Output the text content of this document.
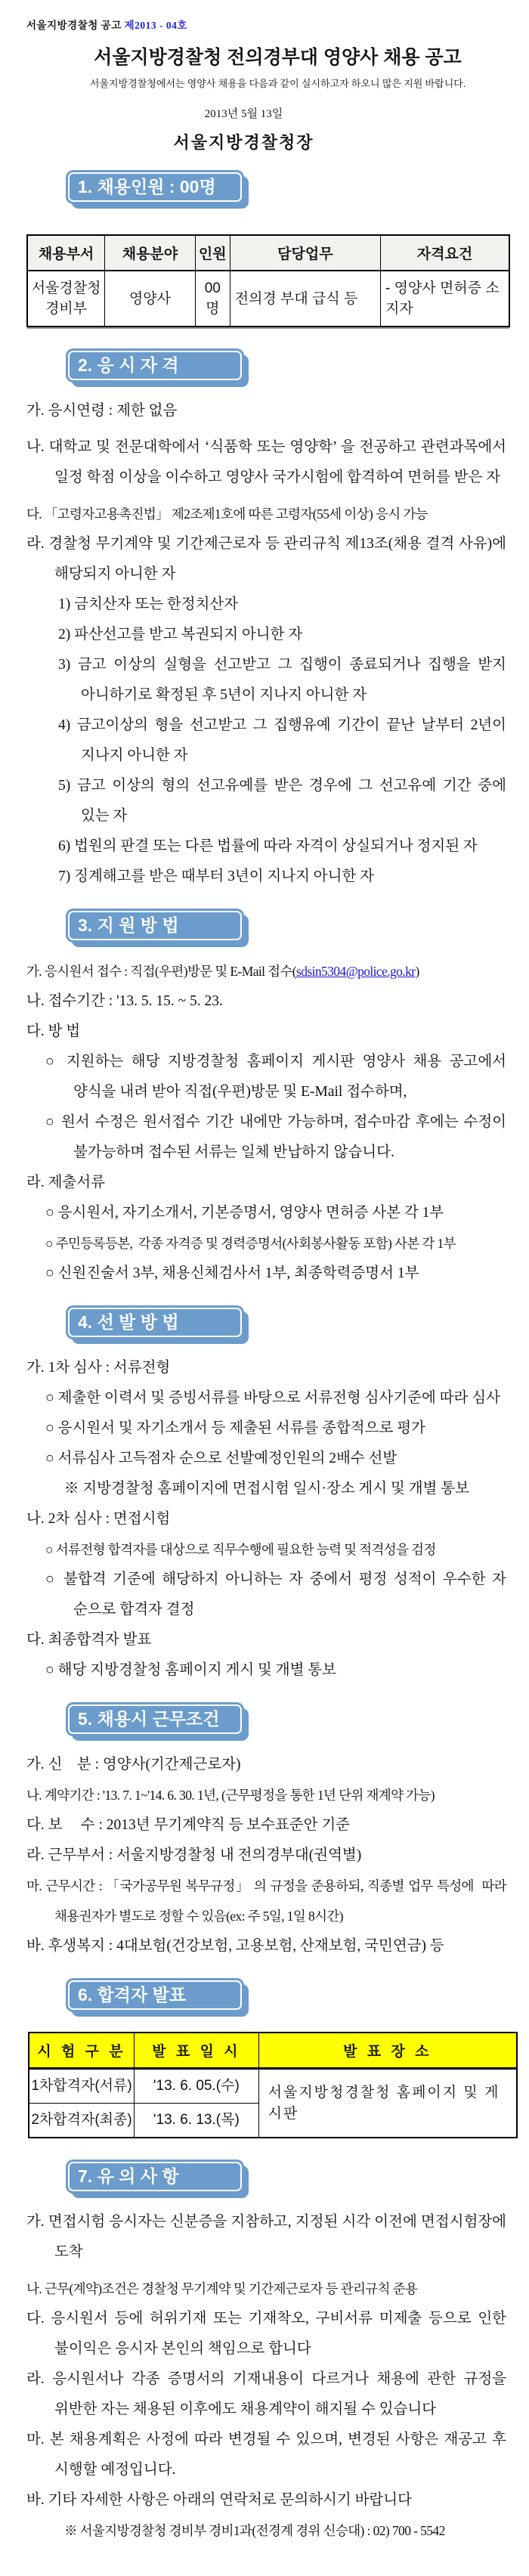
서울지방경찰청 공고 제2013 - 04호
서울지방경찰청 전의경부대 영양사 채용 공고
서울지방경찰청에서는 영양사 채용을 다음과 같이 실시하고자 하오니 많은 지원 바랍니다.
2013년 5월 13일
서울지방경찰청장
1. 채용인원 : 00명
채용부서	채용분야	인원	담당업무	자격요건
서울경찰청 경비부	영양사	00명	전의경 부대 급식 등	- 영양사 면허증 소지자
2. 응 시 자 격

가. 응시연령 : 제한 없음

나. 대학교 및 전문대학에서 ‘식품학 또는 영양학’ 을 전공하고 관련과목에서 일정 학점 이상을 이수하고 영양사 국가시험에 합격하여 면허를 받은 자

다. 「고령자고용촉진법」 제2조제1호에 따른 고령자(55세 이상) 응시 가능

라. 경찰청 무기계약 및 기간제근로자 등 관리규칙 제13조(채용 결격 사유)에 해당되지 아니한 자

1) 금치산자 또는 한정치산자

2) 파산선고를 받고 복권되지 아니한 자

3) 금고 이상의 실형을 선고받고 그 집행이 종료되거나 집행을 받지 아니하기로 확정된 후 5년이 지나지 아니한 자

4) 금고이상의 형을 선고받고 그 집행유예 기간이 끝난 날부터 2년이 지나지 아니한 자

5) 금고 이상의 형의 선고유예를 받은 경우에 그 선고유예 기간 중에 있는 자

6) 법원의 판결 또는 다른 법률에 따라 자격이 상실되거나 정지된 자

7) 징계해고를 받은 때부터 3년이 지나지 아니한 자

3. 지 원 방 법

가. 응시원서 접수 : 직접(우편)방문 및 E-Mail 접수(sdsin5304@police.go.kr)

나. 접수기간 : '13. 5. 15. ~ 5. 23.

다. 방 법

○ 지원하는 해당 지방경찰청 홈페이지 게시판 영양사 채용 공고에서 양식을 내려 받아 직접(우편)방문 및 E-Mail 접수하며,

○ 원서 수정은 원서접수 기간 내에만 가능하며, 접수마감 후에는 수정이 불가능하며 접수된 서류는 일체 반납하지 않습니다.

라. 제출서류

○ 응시원서, 자기소개서, 기본증명서, 영양사 면허증 사본 각 1부

○ 주민등록등본,  각종 자격증 및 경력증명서(사회봉사활동 포함) 사본 각 1부

○ 신원진술서 3부, 채용신체검사서 1부, 최종학력증명서 1부

4. 선 발 방 법

가. 1차 심사 : 서류전형

○ 제출한 이력서 및 증빙서류를 바탕으로 서류전형 심사기준에 따라 심사

○ 응시원서 및 자기소개서 등 제출된 서류를 종합적으로 평가

○ 서류심사 고득점자 순으로 선발예정인원의 2배수 선발

※ 지방경찰청 홈페이지에 면접시험 일시·장소 게시 및 개별 통보

나. 2차 심사 : 면접시험

○ 서류전형 합격자를 대상으로 직무수행에 필요한 능력 및 적격성을 검정

○ 불합격 기준에 해당하지 아니하는 자 중에서 평정 성적이 우수한 자 순으로 합격자 결정

다. 최종합격자 발표

○ 해당 지방경찰청 홈페이지 게시 및 개별 통보

5. 채용시 근무조건

가. 신    분 : 영양사(기간제근로자)

나. 계약기간 : '13. 7. 1~'14. 6. 30. 1년, (근무평정을 통한 1년 단위 재계약 가능)

다. 보     수 : 2013년 무기계약직 등 보수표준안 기준

라. 근무부서 : 서울지방경찰청 내 전의경부대(권역별)

마. 근무시간 : 「국가공무원 복무규정」 의 규정을 준용하되, 직종별 업무 특성에  따라 채용권자가 별도로 정할 수 있음(ex: 주 5일, 1일 8시간)

바. 후생복지 : 4대보험(건강보험, 고용보험, 산재보험, 국민연금) 등

6. 합격자 발표
시 험 구 분	발 표 일 시	발 표 장 소
1차합격자(서류)	'13. 6. 05.(수)	서울지방청경찰청 홈페이지 및 게시판
2차합격자(최종)	'13. 6. 13.(목)	
7. 유 의 사 항

가. 면접시험 응시자는 신분증을 지참하고, 지정된 시각 이전에 면접시험장에 도착

나. 근무(계약)조건은 경찰청 무기계약 및 기간제근로자 등 관리규칙 준용

다. 응시원서 등에 허위기재 또는 기재착오, 구비서류 미제출 등으로 인한 불이익은 응시자 본인의 책임으로 합니다

라. 응시원서나 각종 증명서의 기재내용이 다르거나 채용에 관한 규정을 위반한 자는 채용된 이후에도 채용계약이 해지될 수 있습니다

마. 본 채용계획은 사정에 따라 변경될 수 있으며, 변경된 사항은 재공고 후 시행할 예정입니다.

바. 기타 자세한 사항은 아래의 연락처로 문의하시기 바랍니다

※ 서울지방경찰청 경비부 경비1과(전경계 경위 신승대) : 02) 700 - 5542
